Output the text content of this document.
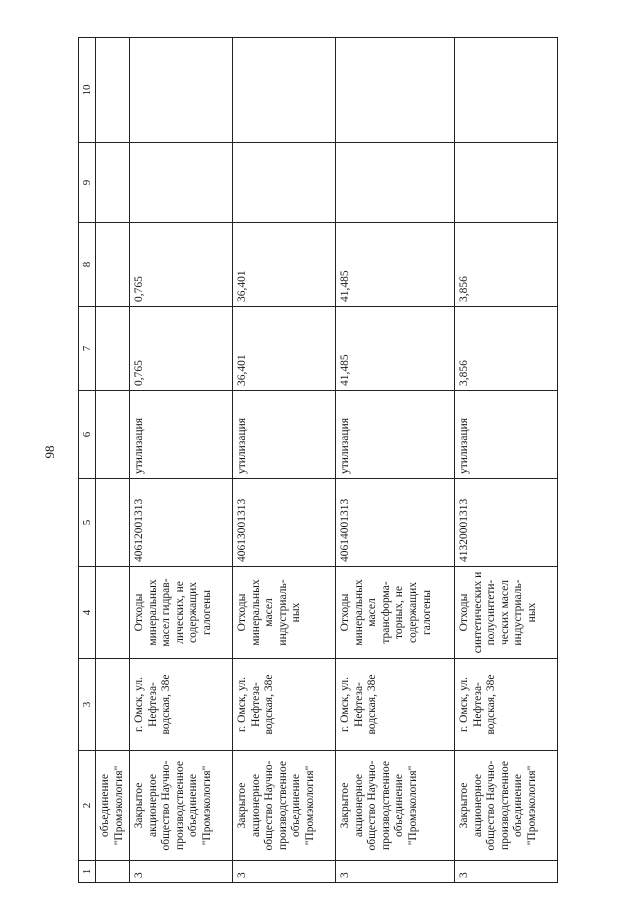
98
1	2	3	4	5	6	7	8	9	10
	объединение "Промэкология"								
3	Закрытое акционерное общество Научно-производственное объединение "Промэкология"	г. Омск, ул. Нефтеза-водская, 38е	Отходы минеральных масел гидрав-лических, не содержащих галогены	40612001313	утилизация	0,765	0,765		
3	Закрытое акционерное общество Научно-производственное объединение "Промэкология"	г. Омск, ул. Нефтеза-водская, 38е	Отходы минеральных масел индустриаль-ных	40613001313	утилизация	36,401	36,401		
3	Закрытое акционерное общество Научно-производственное объединение "Промэкология"	г. Омск, ул. Нефтеза-водская, 38е	Отходы минеральных масел трансформа-торных, не содержащих галогены	40614001313	утилизация	41,485	41,485		
3	Закрытое акционерное общество Научно-производственное объединение "Промэкология"	г. Омск, ул. Нефтеза-водская, 38е	Отходы синтетических и полусинтети-ческих масел индустриаль-ных	41320001313	утилизация	3,856	3,856		
